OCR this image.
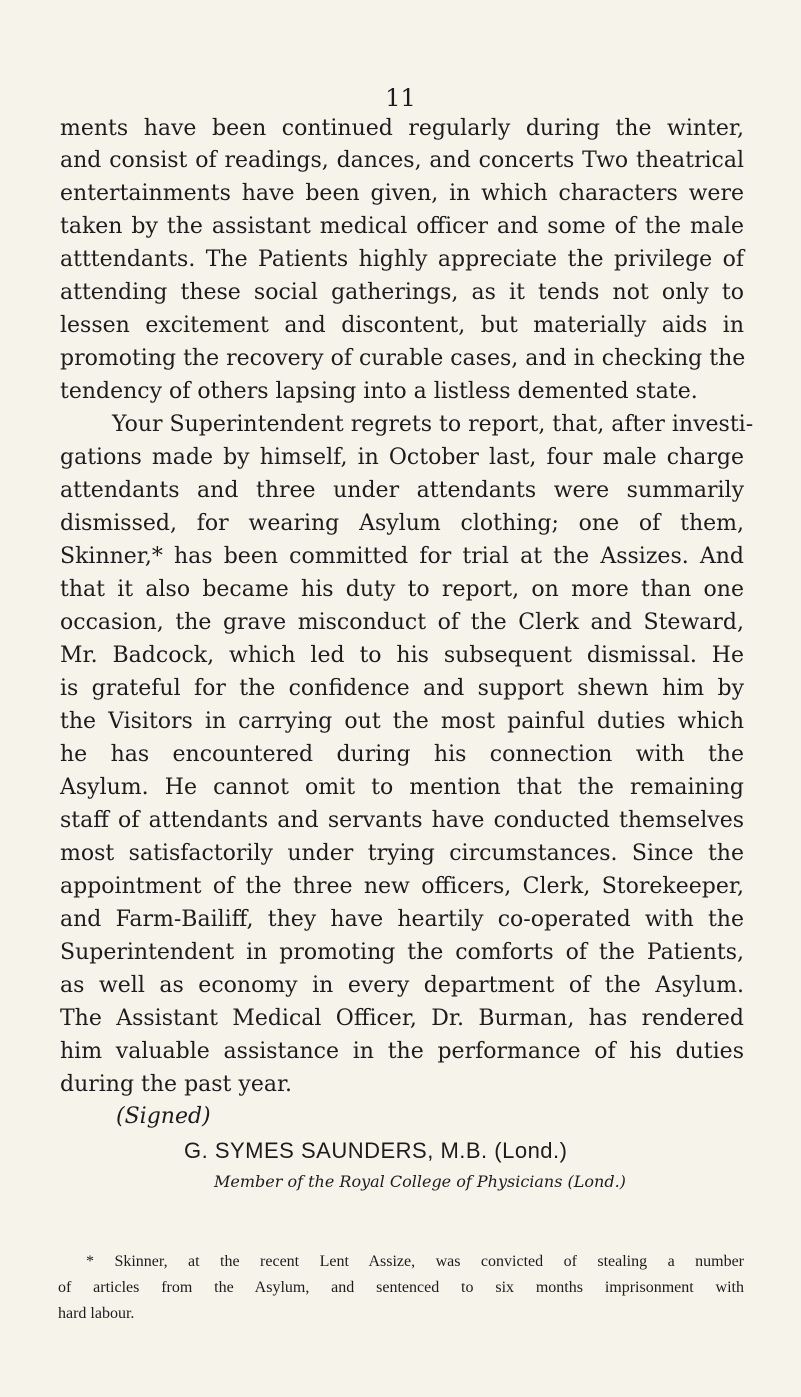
11
ments have been continued regularly during the winter,
and consist of readings, dances, and concerts Two theatrical
entertainments have been given, in which characters were
taken by the assistant medical officer and some of the male
atttendants. The Patients highly appreciate the privilege of
attending these social gatherings, as it tends not only to
lessen excitement and discontent, but materially aids in
promoting the recovery of curable cases, and in checking the
tendency of others lapsing into a listless demented state.
Your Superintendent regrets to report, that, after investi-
gations made by himself, in October last, four male charge
attendants and three under attendants were summarily
dismissed, for wearing Asylum clothing; one of them,
Skinner,* has been committed for trial at the Assizes. And
that it also became his duty to report, on more than one
occasion, the grave misconduct of the Clerk and Steward,
Mr. Badcock, which led to his subsequent dismissal. He
is grateful for the confidence and support shewn him by
the Visitors in carrying out the most painful duties which
he has encountered during his connection with the
Asylum. He cannot omit to mention that the remaining
staff of attendants and servants have conducted themselves
most satisfactorily under trying circumstances. Since the
appointment of the three new officers, Clerk, Storekeeper,
and Farm-Bailiff, they have heartily co-operated with the
Superintendent in promoting the comforts of the Patients,
as well as economy in every department of the Asylum.
The Assistant Medical Officer, Dr. Burman, has rendered
him valuable assistance in the performance of his duties
during the past year.
(Signed)
G. SYMES SAUNDERS, M.B. (Lond.)
Member of the Royal College of Physicians (Lond.)
* Skinner, at the recent Lent Assize, was convicted of stealing a number
of articles from the Asylum, and sentenced to six months imprisonment with
hard labour.
